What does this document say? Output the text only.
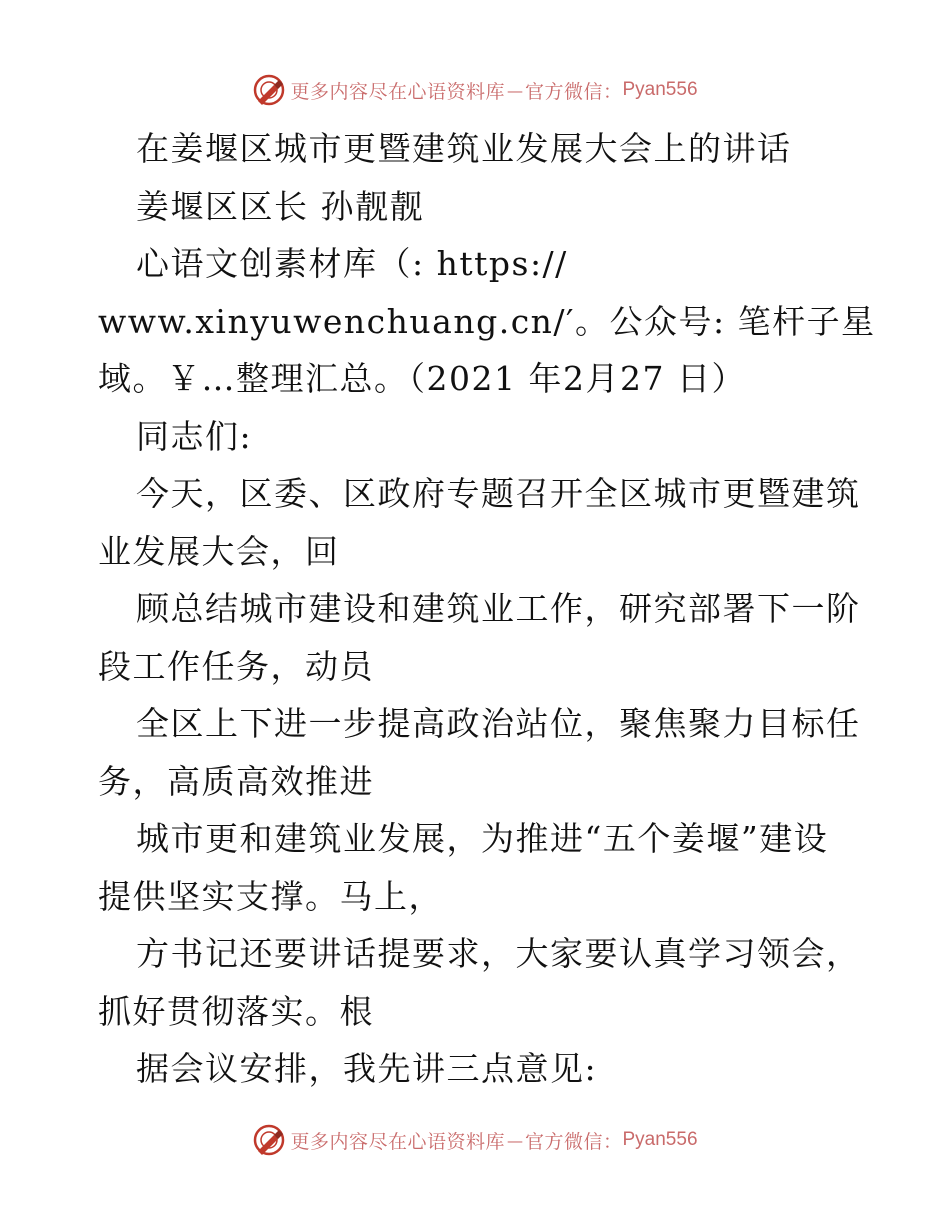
更多内容尽在心语资料库 — 官方微信： Pyan556
在姜堰区城市更暨建筑业发展大会上的讲话
姜堰区区长 孙靓靓
心语文创素材库（: https://
www.xinyuwenchuang.cn/′。公众号: 笔杆子星
域。￥…整理汇总。（2021 年2月27 日）
同志们:
今天，区委、区政府专题召开全区城市更暨建筑
业发展大会，回
顾总结城市建设和建筑业工作，研究部署下一阶
段工作任务，动员
全区上下进一步提高政治站位，聚焦聚力目标任
务，高质高效推进
城市更和建筑业发展，为推进“五个姜堰”建设
提供坚实支撑。马上，
方书记还要讲话提要求，大家要认真学习领会，
抓好贯彻落实。根
据会议安排，我先讲三点意见:
更多内容尽在心语资料库 — 官方微信： Pyan556
